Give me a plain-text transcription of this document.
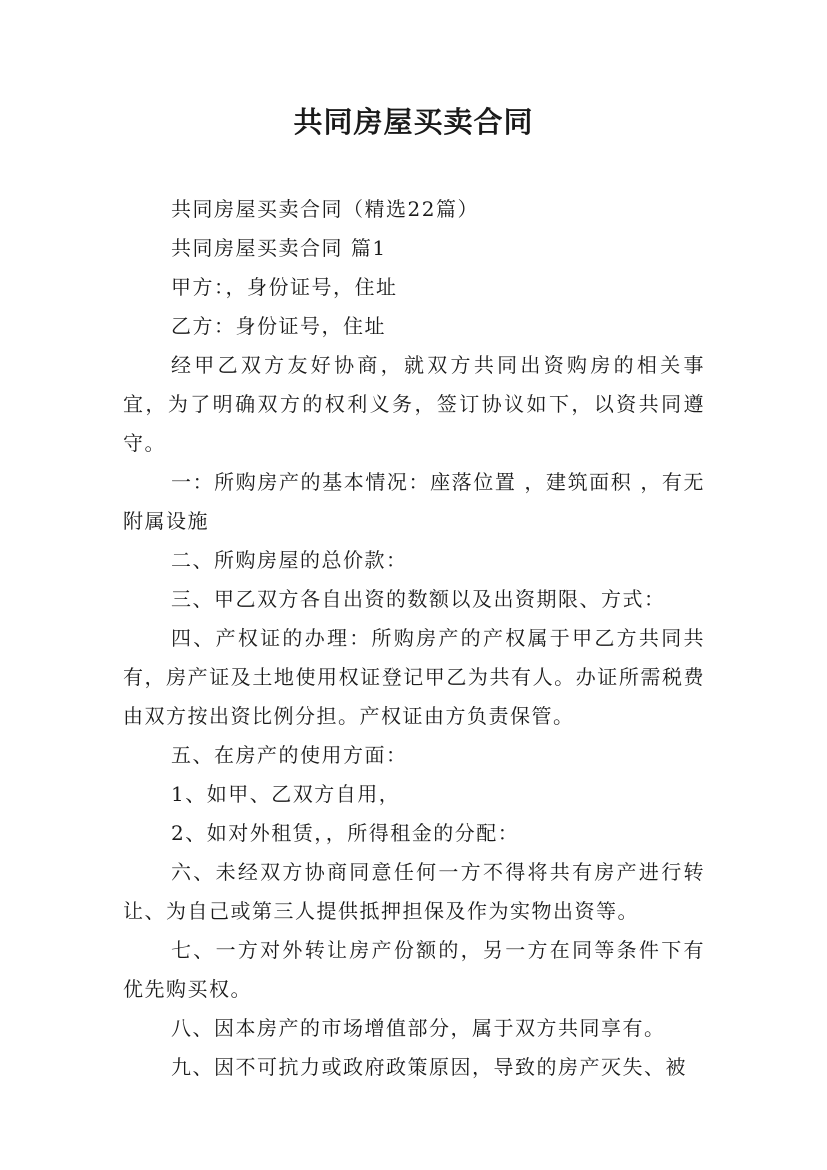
共同房屋买卖合同

共同房屋买卖合同（精选22篇）

共同房屋买卖合同 篇1

甲方：，身份证号，住址

乙方：身份证号，住址

经甲乙双方友好协商，就双方共同出资购房的相关事宜，为了明确双方的权利义务，签订协议如下，以资共同遵守。

一：所购房产的基本情况：座落位置 ，建筑面积 ，有无附属设施

二、所购房屋的总价款：

三、甲乙双方各自出资的数额以及出资期限、方式：

四、产权证的办理：所购房产的产权属于甲乙方共同共有，房产证及土地使用权证登记甲乙为共有人。办证所需税费由双方按出资比例分担。产权证由方负责保管。

五、在房产的使用方面：

1、如甲、乙双方自用，

2、如对外租赁，，所得租金的分配：

六、未经双方协商同意任何一方不得将共有房产进行转让、为自己或第三人提供抵押担保及作为实物出资等。

七、一方对外转让房产份额的，另一方在同等条件下有优先购买权。

八、因本房产的市场增值部分，属于双方共同享有。

九、因不可抗力或政府政策原因，导致的房产灭失、被
